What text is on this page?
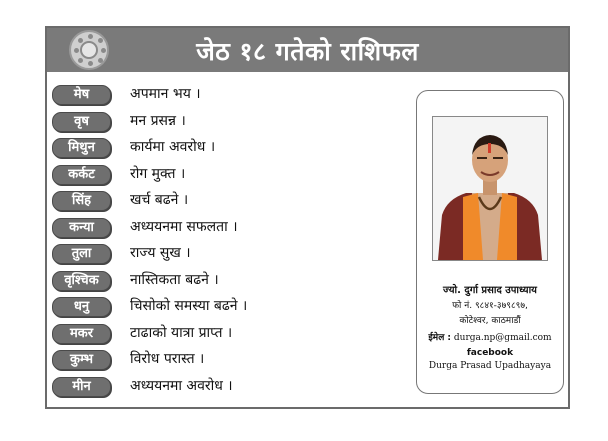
जेठ १८ गतेको राशिफल
मेष	अपमान भय ।
वृष	मन प्रसन्न ।
मिथुन	कार्यमा अवरोध ।
कर्कट	रोग मुक्त ।
सिंह	खर्च बढने ।
कन्या	अध्ययनमा सफलता ।
तुला	राज्य सुख ।
वृश्चिक	नास्तिकता बढने ।
धनु	चिसोको समस्या बढने ।
मकर	टाढाको यात्रा प्राप्त ।
कुम्भ	विरोध परास्त ।
मीन	अध्ययनमा अवरोध ।
ज्यो. दुर्गा प्रसाद उपाध्याय
फो नं. ९८४१-३७९८९७,
कोटेश्वर, काठमाडौं
ईमेल : durga.np@gmail.com
facebook
Durga Prasad Upadhayaya
